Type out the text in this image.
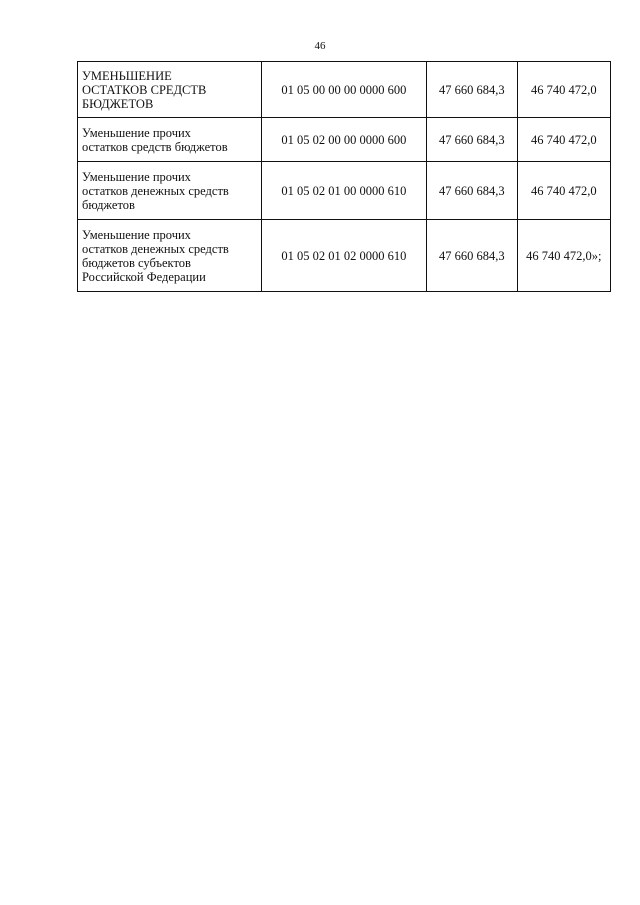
46
УМЕНЬШЕНИЕ
ОСТАТКОВ СРЕДСТВ
БЮДЖЕТОВ	01 05 00 00 00 0000 600	47 660 684,3	46 740 472,0

Уменьшение прочих
остатков средств бюджетов	01 05 02 00 00 0000 600	47 660 684,3	46 740 472,0

Уменьшение прочих
остатков денежных средств
бюджетов	01 05 02 01 00 0000 610	47 660 684,3	46 740 472,0

Уменьшение прочих
остатков денежных средств
бюджетов субъектов
Российской Федерации	01 05 02 01 02 0000 610	47 660 684,3	46 740 472,0»;
